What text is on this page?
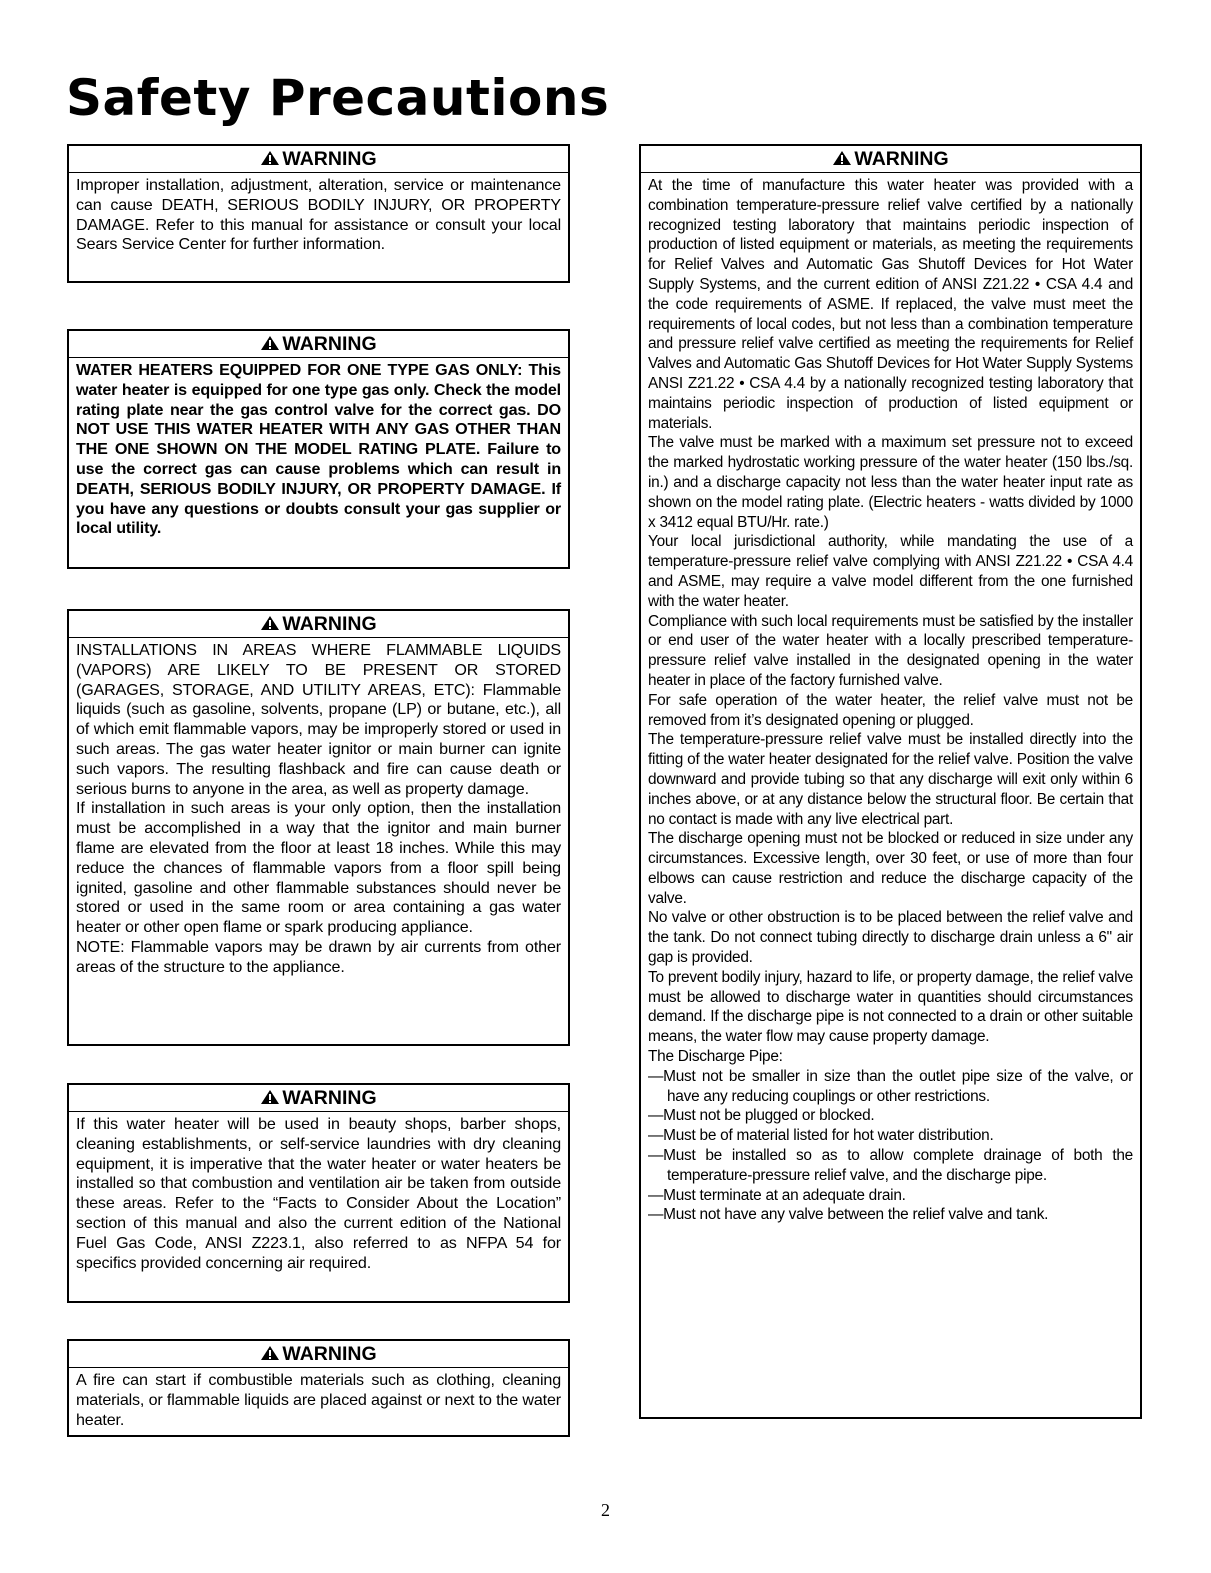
Safety Precautions
WARNING

Improper installation, adjustment, alteration, service or maintenance can cause DEATH, SERIOUS BODILY INJURY, OR PROPERTY DAMAGE. Refer to this manual for assistance or consult your local Sears Service Center for further information.

WARNING

WATER HEATERS EQUIPPED FOR ONE TYPE GAS ONLY: This water heater is equipped for one type gas only. Check the model rating plate near the gas control valve for the correct gas. DO NOT USE THIS WATER HEATER WITH ANY GAS OTHER THAN THE ONE SHOWN ON THE MODEL RATING PLATE. Failure to use the correct gas can cause problems which can result in DEATH, SERIOUS BODILY INJURY, OR PROPERTY DAMAGE. If you have any questions or doubts consult your gas supplier or local utility.

WARNING

INSTALLATIONS IN AREAS WHERE FLAMMABLE LIQUIDS (VAPORS) ARE LIKELY TO BE PRESENT OR STORED (GARAGES, STORAGE, AND UTILITY AREAS, ETC): Flammable liquids (such as gasoline, solvents, propane (LP) or butane, etc.), all of which emit flammable vapors, may be improperly stored or used in such areas. The gas water heater ignitor or main burner can ignite such vapors. The resulting flashback and fire can cause death or serious burns to anyone in the area, as well as property damage.

If installation in such areas is your only option, then the installation must be accomplished in a way that the ignitor and main burner flame are elevated from the floor at least 18 inches. While this may reduce the chances of flammable vapors from a floor spill being ignited, gasoline and other flammable substances should never be stored or used in the same room or area containing a gas water heater or other open flame or spark producing appliance.

NOTE: Flammable vapors may be drawn by air currents from other areas of the structure to the appliance.

WARNING

If this water heater will be used in beauty shops, barber shops, cleaning establishments, or self-service laundries with dry cleaning equipment, it is imperative that the water heater or water heaters be installed so that combustion and ventilation air be taken from outside these areas. Refer to the “Facts to Consider About the Location” section of this manual and also the current edition of the National Fuel Gas Code, ANSI Z223.1, also referred to as NFPA 54 for specifics provided concerning air required.

WARNING

A fire can start if combustible materials such as clothing, cleaning materials, or flammable liquids are placed against or next to the water heater.

WARNING

At the time of manufacture this water heater was provided with a combination temperature-pressure relief valve certified by a nationally recognized testing laboratory that maintains periodic inspection of production of listed equipment or materials, as meeting the requirements for Relief Valves and Automatic Gas Shutoff Devices for Hot Water Supply Systems, and the current edition of ANSI Z21.22 • CSA 4.4 and the code requirements of ASME. If replaced, the valve must meet the requirements of local codes, but not less than a combination temperature and pressure relief valve certified as meeting the requirements for Relief Valves and Automatic Gas Shutoff Devices for Hot Water Supply Systems ANSI Z21.22 • CSA 4.4 by a nationally recognized testing laboratory that maintains periodic inspection of production of listed equipment or materials.

The valve must be marked with a maximum set pressure not to exceed the marked hydrostatic working pressure of the water heater (150 lbs./sq. in.) and a discharge capacity not less than the water heater input rate as shown on the model rating plate. (Electric heaters - watts divided by 1000 x 3412 equal BTU/Hr. rate.)

Your local jurisdictional authority, while mandating the use of a temperature-pressure relief valve complying with ANSI Z21.22 • CSA 4.4 and ASME, may require a valve model different from the one furnished with the water heater.

Compliance with such local requirements must be satisfied by the installer or end user of the water heater with a locally prescribed temperature-pressure relief valve installed in the designated opening in the water heater in place of the factory furnished valve.

For safe operation of the water heater, the relief valve must not be removed from it’s designated opening or plugged.

The temperature-pressure relief valve must be installed directly into the fitting of the water heater designated for the relief valve. Position the valve downward and provide tubing so that any discharge will exit only within 6 inches above, or at any distance below the structural floor. Be certain that no contact is made with any live electrical part.

The discharge opening must not be blocked or reduced in size under any circumstances. Excessive length, over 30 feet, or use of more than four elbows can cause restriction and reduce the discharge capacity of the valve.

No valve or other obstruction is to be placed between the relief valve and the tank. Do not connect tubing directly to discharge drain unless a 6" air gap is provided.

To prevent bodily injury, hazard to life, or property damage, the relief valve must be allowed to discharge water in quantities should circumstances demand. If the discharge pipe is not connected to a drain or other suitable means, the water flow may cause property damage.

The Discharge Pipe:

—Must not be smaller in size than the outlet pipe size of the valve, or have any reducing couplings or other restrictions.

—Must not be plugged or blocked.

—Must be of material listed for hot water distribution.

—Must be installed so as to allow complete drainage of both the temperature-pressure relief valve, and the discharge pipe.

—Must terminate at an adequate drain.

—Must not have any valve between the relief valve and tank.

2
